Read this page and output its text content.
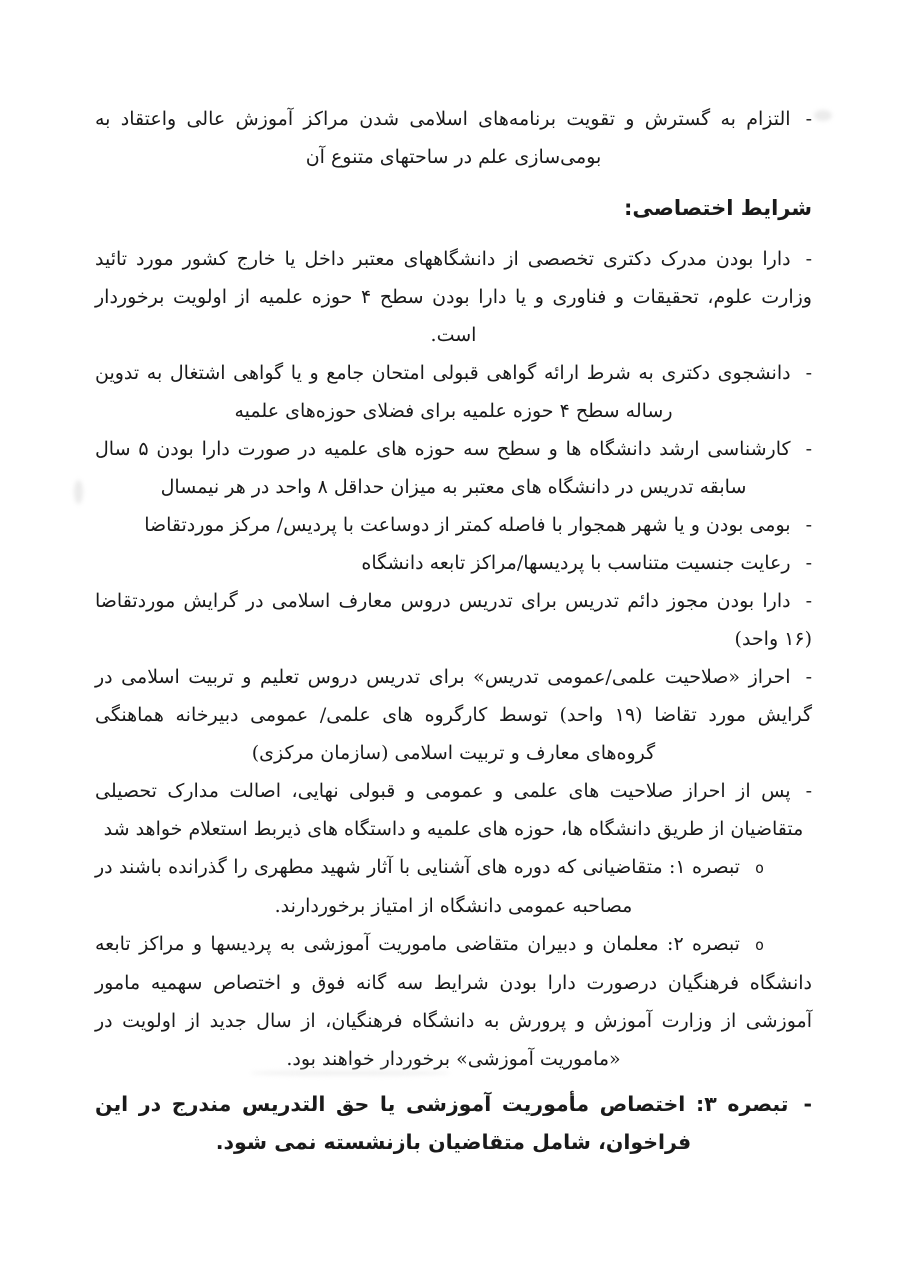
-التزام به گسترش و تقویت برنامه‌های اسلامی شدن مراکز آموزش عالی واعتقاد به بومی‌سازی علم در ساحتهای متنوع آن
شرایط اختصاصی:
-دارا بودن مدرک دکتری تخصصی از دانشگاههای معتبر داخل یا خارج کشور مورد تائید وزارت علوم، تحقیقات و فناوری و یا دارا بودن سطح ۴ حوزه علمیه از اولویت برخوردار است.
-دانشجوی دکتری به شرط ارائه گواهی قبولی امتحان جامع و یا گواهی اشتغال به تدوین رساله سطح ۴ حوزه علمیه برای فضلای حوزه‌های علمیه
-کارشناسی ارشد دانشگاه ها و سطح سه حوزه های علمیه در صورت دارا بودن ۵ سال سابقه تدریس در دانشگاه های معتبر به میزان حداقل ۸ واحد در هر نیمسال
-بومی بودن و یا شهر همجوار با فاصله کمتر از دوساعت با پردیس/ مرکز موردتقاضا
-رعایت جنسیت متناسب با پردیسها/مراکز تابعه دانشگاه
-دارا بودن مجوز دائم تدریس برای تدریس دروس معارف اسلامی در گرایش موردتقاضا (۱۶ واحد)
-احراز «صلاحیت علمی/عمومی تدریس» برای تدریس دروس تعلیم و تربیت اسلامی در گرایش مورد تقاضا (۱۹ واحد) توسط کارگروه های علمی/ عمومی دبیرخانه هماهنگی گروه‌های معارف و تربیت اسلامی (سازمان مرکزی)
-پس از احراز صلاحیت های علمی و عمومی و قبولی نهایی، اصالت مدارک تحصیلی متقاضیان از طریق دانشگاه ها، حوزه های علمیه و داستگاه های ذیربط استعلام خواهد شد
oتبصره ۱: متقاضیانی که دوره های آشنایی با آثار شهید مطهری را گذرانده باشند در مصاحبه عمومی دانشگاه از امتیاز برخوردارند.
oتبصره ۲: معلمان و دبیران متقاضی ماموریت آموزشی به پردیسها و مراکز تابعه دانشگاه فرهنگیان درصورت دارا بودن شرایط سه گانه فوق و اختصاص سهمیه مامور آموزشی از وزارت آموزش و پرورش به دانشگاه فرهنگیان، از سال جدید از اولویت در «ماموریت آموزشی» برخوردار خواهند بود.
-تبصره ۳: اختصاص مأموریت آموزشی یا حق التدریس مندرج در این فراخوان، شامل متقاضیان بازنشسته نمی شود.
